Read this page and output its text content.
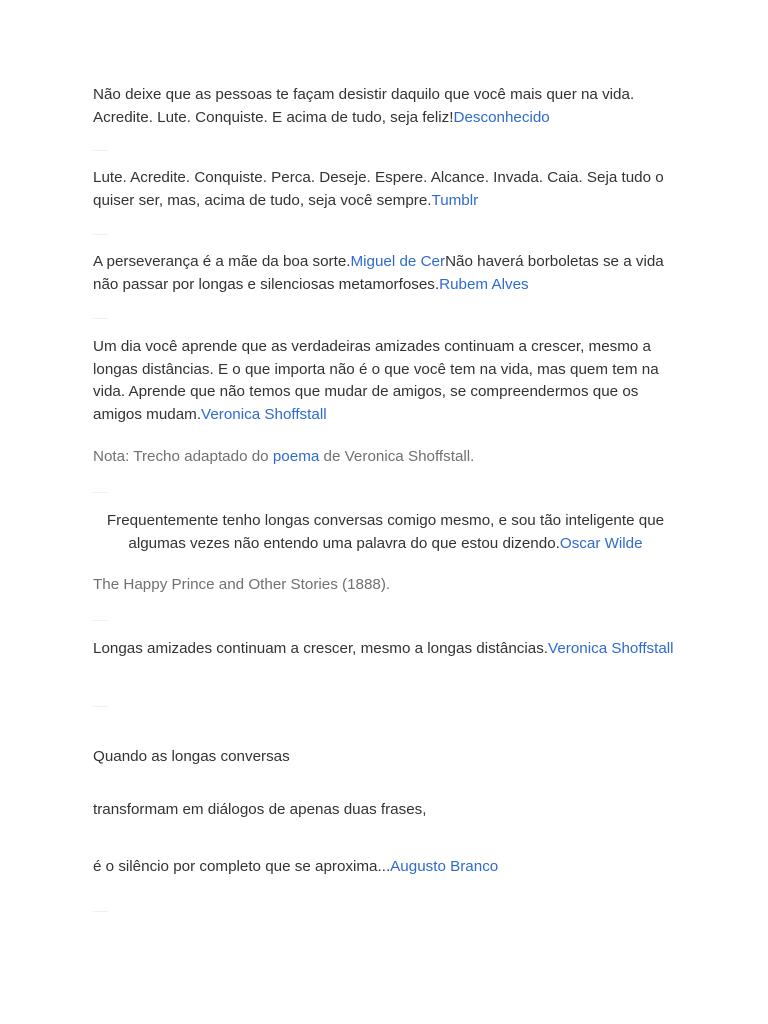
Não deixe que as pessoas te façam desistir daquilo que você mais quer na vida. Acredite. Lute. Conquiste. E acima de tudo, seja feliz!Desconhecido
—————
Lute. Acredite. Conquiste. Perca. Deseje. Espere. Alcance. Invada. Caia. Seja tudo o quiser ser, mas, acima de tudo, seja você sempre.Tumblr
—————
A perseverança é a mãe da boa sorte.Miguel de CerNão haverá borboletas se a vida não passar por longas e silenciosas metamorfoses.Rubem Alves
—————
Um dia você aprende que as verdadeiras amizades continuam a crescer, mesmo a longas distâncias. E o que importa não é o que você tem na vida, mas quem tem na vida. Aprende que não temos que mudar de amigos, se compreendermos que os amigos mudam.Veronica Shoffstall
Nota: Trecho adaptado do poema de Veronica Shoffstall.
—————
Frequentemente tenho longas conversas comigo mesmo, e sou tão inteligente que algumas vezes não entendo uma palavra do que estou dizendo.Oscar Wilde
The Happy Prince and Other Stories (1888).
—————
Longas amizades continuam a crescer, mesmo a longas distâncias.Veronica Shoffstall
—————
Quando as longas conversas
transformam em diálogos de apenas duas frases,
é o silêncio por completo que se aproxima...Augusto Branco
—————
